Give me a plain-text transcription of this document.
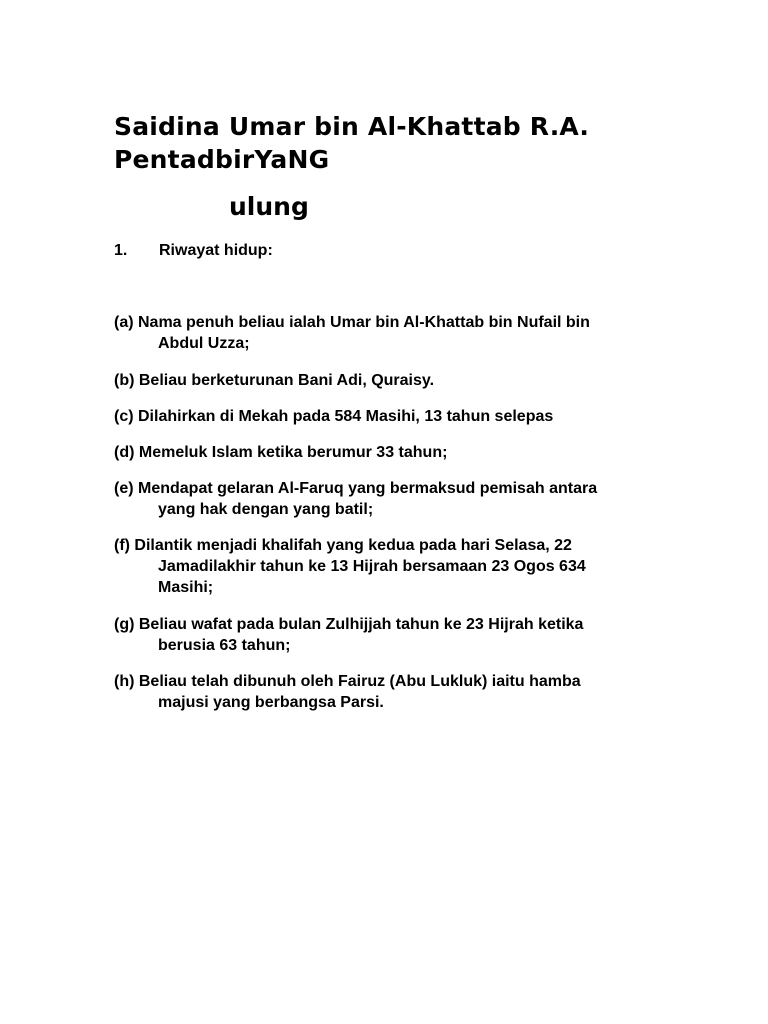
Saidina Umar bin Al-Khattab R.A.
PentadbirYaNG
ulung
1. Riwayat hidup:
(a) Nama penuh beliau ialah Umar bin Al-Khattab bin Nufail bin
Abdul Uzza;
(b) Beliau berketurunan Bani Adi, Quraisy.
(c) Dilahirkan di Mekah pada 584 Masihi, 13 tahun selepas
(d) Memeluk Islam ketika berumur 33 tahun;
(e) Mendapat gelaran Al-Faruq yang bermaksud pemisah antara
yang hak dengan yang batil;
(f) Dilantik menjadi khalifah yang kedua pada hari Selasa, 22
Jamadilakhir tahun ke 13 Hijrah bersamaan 23 Ogos 634
Masihi;
(g) Beliau wafat pada bulan Zulhijjah tahun ke 23 Hijrah ketika
berusia 63 tahun;
(h) Beliau telah dibunuh oleh Fairuz (Abu Lukluk) iaitu hamba
majusi yang berbangsa Parsi.
